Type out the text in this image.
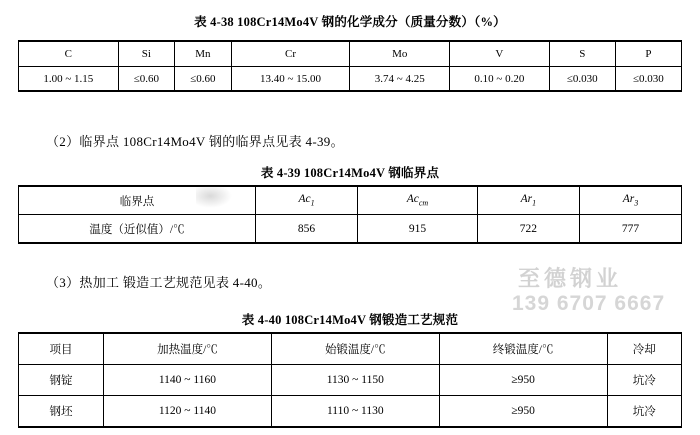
表 4-38 108Cr14Mo4V 钢的化学成分（质量分数）（%）
C	Si	Mn	Cr	Mo	V	S	P
1.00 ~ 1.15	≤0.60	≤0.60	13.40 ~ 15.00	3.74 ~ 4.25	0.10 ~ 0.20	≤0.030	≤0.030
（2）临界点 108Cr14Mo4V 钢的临界点见表 4-39。
表 4-39 108Cr14Mo4V 钢临界点
临界点	$Ac_1$	$Ac_{cm}$	$Ar_1$	$Ar_3$
温度（近似值）/℃	856	915	722	777
（3）热加工 锻造工艺规范见表 4-40。
表 4-40 108Cr14Mo4V 钢锻造工艺规范
项目	加热温度/℃	始锻温度/℃	终锻温度/℃	冷却
钢锭	1140 ~ 1160	1130 ~ 1150	≥950	坑冷
钢坯	1120 ~ 1140	1110 ~ 1130	≥950	坑冷
至德钢业
139 6707 6667
